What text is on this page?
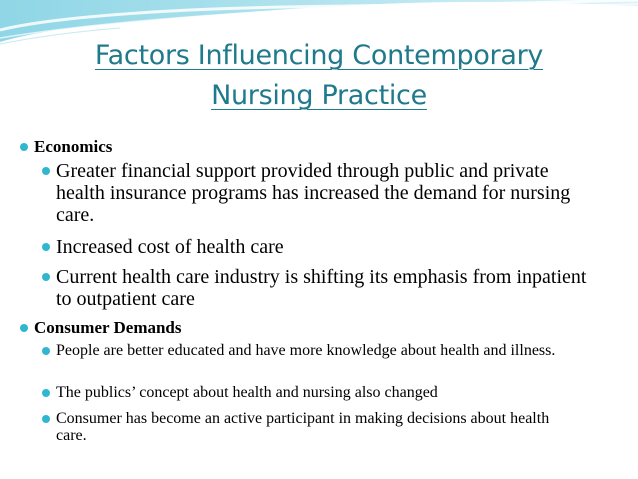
Factors Influencing Contemporary
Nursing Practice
Economics
Greater financial support provided through public and private health insurance programs has increased the demand for nursing care.
Increased cost of health care
Current health care industry is shifting its emphasis from inpatient to outpatient care
Consumer Demands
People are better educated and have more knowledge about health and illness.
The publics’ concept about health and nursing also changed
Consumer has become an active participant in making decisions about health care.
